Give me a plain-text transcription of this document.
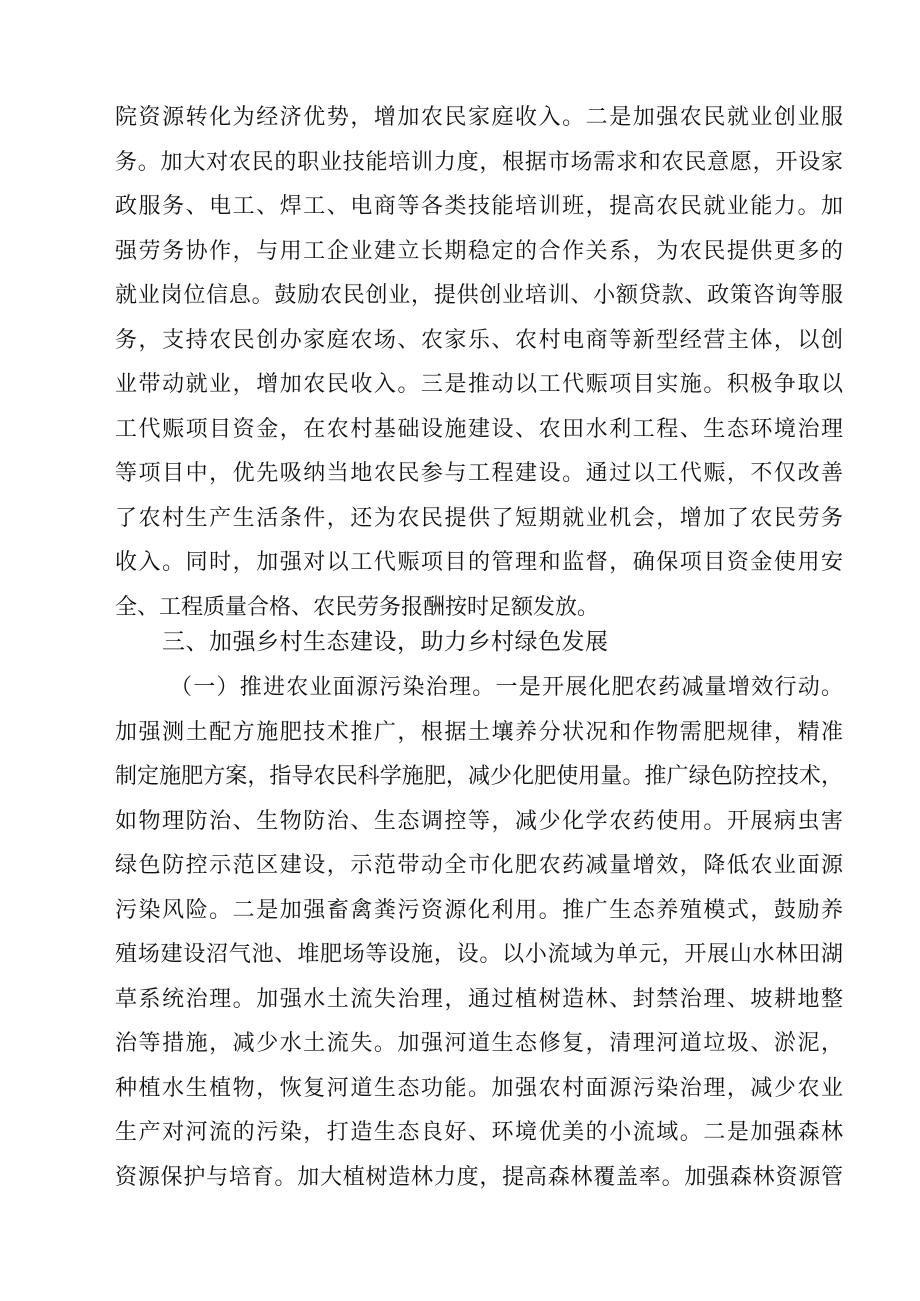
院资源转化为经济优势，增加农民家庭收入。二是加强农民就业创业服
务。加大对农民的职业技能培训力度，根据市场需求和农民意愿，开设家
政服务、电工、焊工、电商等各类技能培训班，提高农民就业能力。加
强劳务协作，与用工企业建立长期稳定的合作关系，为农民提供更多的
就业岗位信息。鼓励农民创业，提供创业培训、小额贷款、政策咨询等服
务，支持农民创办家庭农场、农家乐、农村电商等新型经营主体，以创
业带动就业，增加农民收入。三是推动以工代赈项目实施。积极争取以
工代赈项目资金，在农村基础设施建设、农田水利工程、生态环境治理
等项目中，优先吸纳当地农民参与工程建设。通过以工代赈，不仅改善
了农村生产生活条件，还为农民提供了短期就业机会，增加了农民劳务
收入。同时，加强对以工代赈项目的管理和监督，确保项目资金使用安
全、工程质量合格、农民劳务报酬按时足额发放。
三、加强乡村生态建设，助力乡村绿色发展
（一）推进农业面源污染治理。一是开展化肥农药减量增效行动。
加强测土配方施肥技术推广，根据土壤养分状况和作物需肥规律，精准
制定施肥方案，指导农民科学施肥，减少化肥使用量。推广绿色防控技术，
如物理防治、生物防治、生态调控等，减少化学农药使用。开展病虫害
绿色防控示范区建设，示范带动全市化肥农药减量增效，降低农业面源
污染风险。二是加强畜禽粪污资源化利用。推广生态养殖模式，鼓励养
殖场建设沼气池、堆肥场等设施，设。以小流域为单元，开展山水林田湖
草系统治理。加强水土流失治理，通过植树造林、封禁治理、坡耕地整
治等措施，减少水土流失。加强河道生态修复，清理河道垃圾、淤泥，
种植水生植物，恢复河道生态功能。加强农村面源污染治理，减少农业
生产对河流的污染，打造生态良好、环境优美的小流域。二是加强森林
资源保护与培育。加大植树造林力度，提高森林覆盖率。加强森林资源管
